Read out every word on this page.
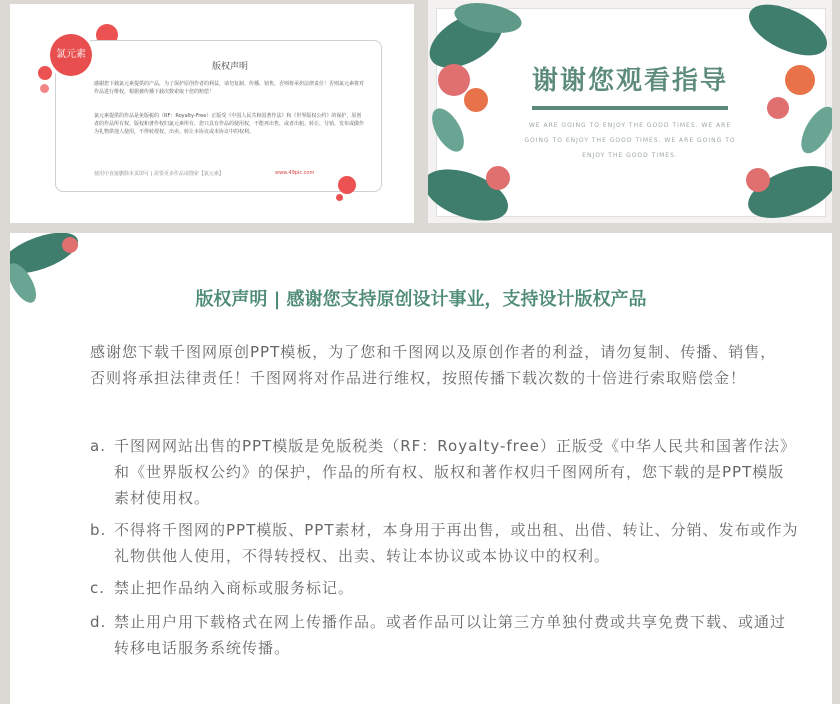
氯元素
版权声明

感谢您下载氯元素提供的产品，为了保护原创作者的利益，请勿复制、传播、销售，否则将承担法律责任！否则氯元素将对作品进行维权，根据被传播下载次数索取十倍的赔偿！

氯元素提供的作品是免版税的（RF：Royalty-Free）正版受《中国人民共和国著作法》和《世界版权公约》的保护，原创者的作品所有权、版权和著作权归氯元素所有，您只具有作品的使用权，不能再出售，或者出租、转让、分销、发布或做作为礼物供他人使用，不得转授权、出卖、转让本协议或本协议中的权利。

使用中直接删除本页即可 | 需要更多作品请搜索【氯元素】	www.49pic.com
谢谢您观看指导
WE ARE GOING TO ENJOY THE GOOD TIMES. WE ARE GOING TO ENJOY THE GOOD TIMES. WE ARE GOING TO ENJOY THE GOOD TIMES.
版权声明 | 感谢您支持原创设计事业，支持设计版权产品

感谢您下载千图网原创PPT模板，为了您和千图网以及原创作者的利益，请勿复制、传播、销售，否则将承担法律责任！千图网将对作品进行维权，按照传播下载次数的十倍进行索取赔偿金！

a. 千图网网站出售的PPT模版是免版税类（RF：Royalty-free）正版受《中华人民共和国著作法》和《世界版权公约》的保护，作品的所有权、版权和著作权归千图网所有，您下载的是PPT模版素材使用权。
b. 不得将千图网的PPT模版、PPT素材，本身用于再出售，或出租、出借、转让、分销、发布或作为礼物供他人使用，不得转授权、出卖、转让本协议或本协议中的权利。
c. 禁止把作品纳入商标或服务标记。
d. 禁止用户用下载格式在网上传播作品。或者作品可以让第三方单独付费或共享免费下载、或通过转移电话服务系统传播。
